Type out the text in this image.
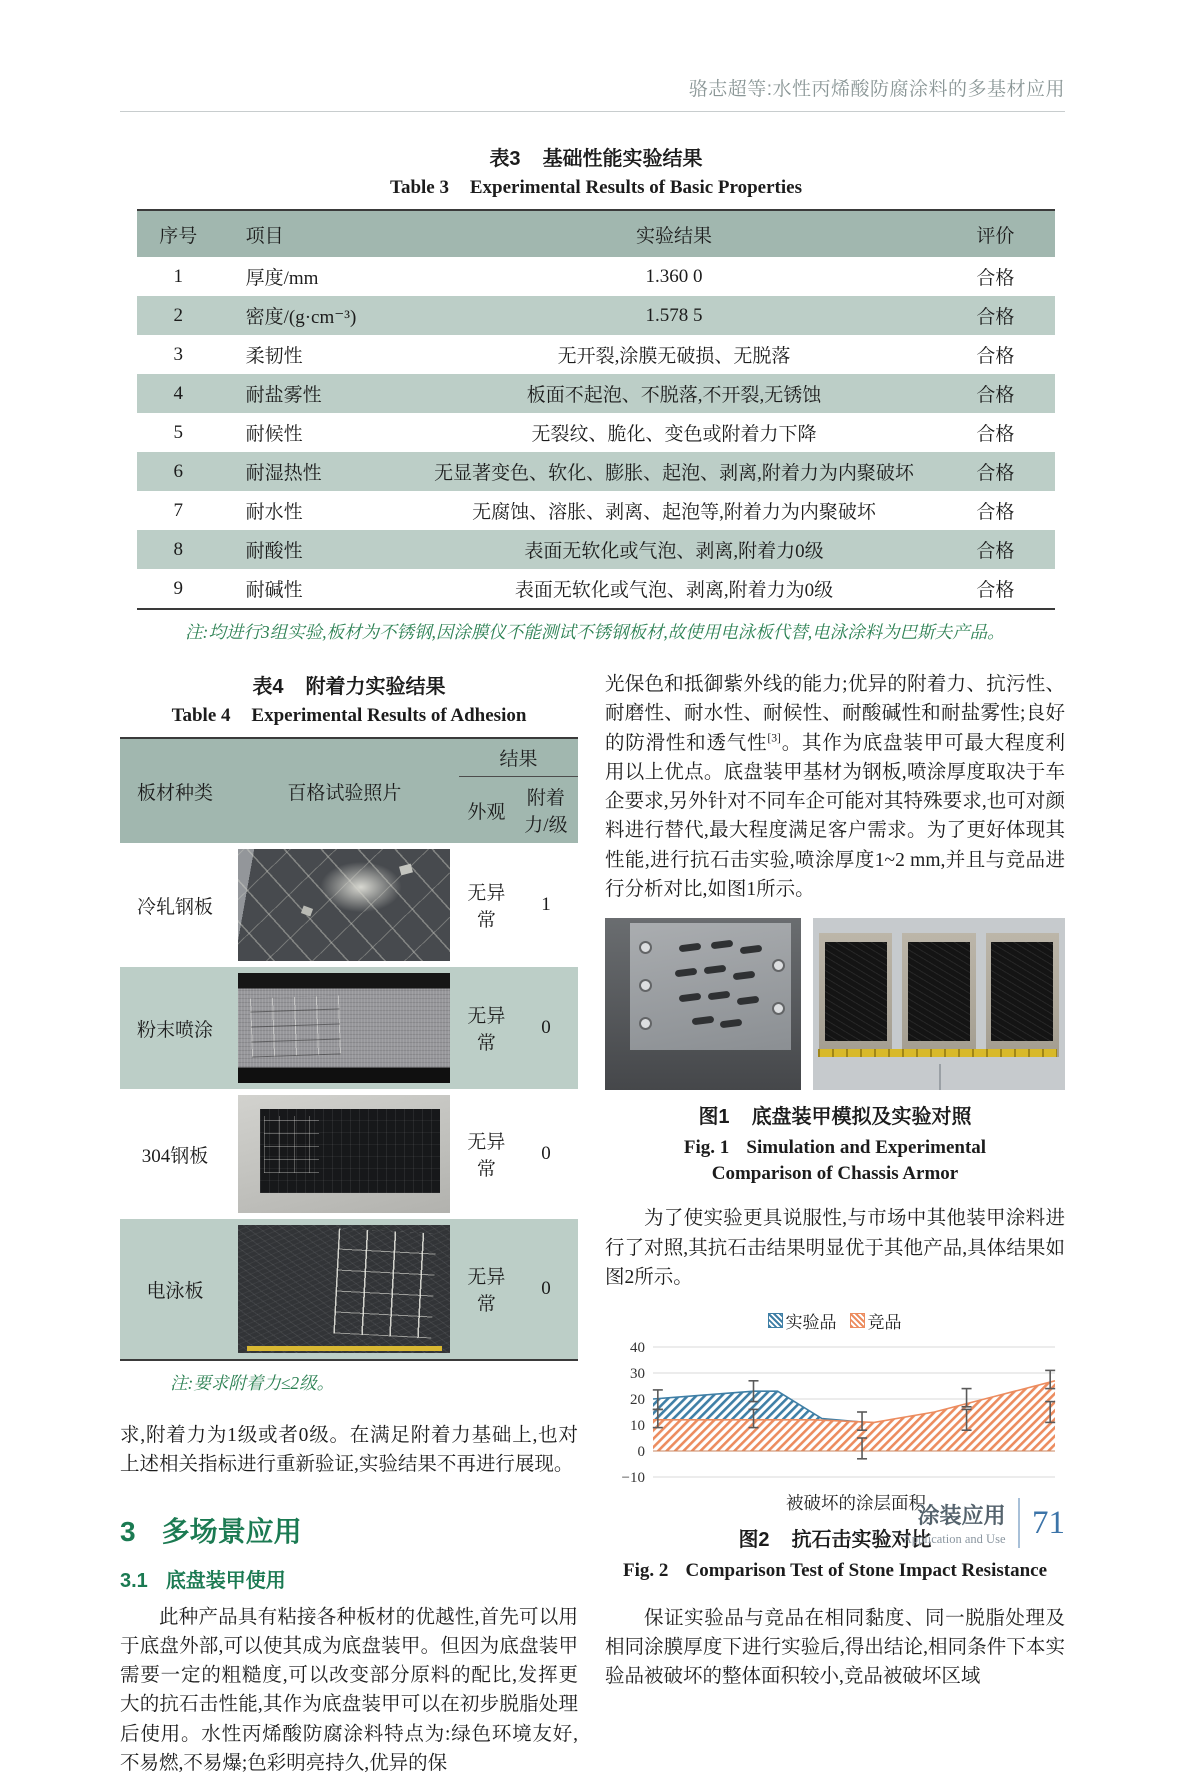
骆志超等:水性丙烯酸防腐涂料的多基材应用
表3 基础性能实验结果
Table 3 Experimental Results of Basic Properties
序号	项目	实验结果	评价
1	厚度/mm	1.360 0	合格
2	密度/(g·cm⁻³)	1.578 5	合格
3	柔韧性	无开裂,涂膜无破损、无脱落	合格
4	耐盐雾性	板面不起泡、不脱落,不开裂,无锈蚀	合格
5	耐候性	无裂纹、脆化、变色或附着力下降	合格
6	耐湿热性	无显著变色、软化、膨胀、起泡、剥离,附着力为内聚破坏	合格
7	耐水性	无腐蚀、溶胀、剥离、起泡等,附着力为内聚破坏	合格
8	耐酸性	表面无软化或气泡、剥离,附着力0级	合格
9	耐碱性	表面无软化或气泡、剥离,附着力为0级	合格
注:均进行3组实验,板材为不锈钢,因涂膜仪不能测试不锈钢板材,故使用电泳板代替,电泳涂料为巴斯夫产品。
表4 附着力实验结果
Table 4 Experimental Results of Adhesion
板材种类	百格试验照片	结果	
		外观	附着力/级
冷轧钢板		无异常	1
粉末喷涂		无异常	0
304钢板		无异常	0
电泳板		无异常	0
注:要求附着力≤2级。

求,附着力为1级或者0级。在满足附着力基础上,也对上述相关指标进行重新验证,实验结果不再进行展现。

3 多场景应用
3.1 底盘装甲使用

此种产品具有粘接各种板材的优越性,首先可以用于底盘外部,可以使其成为底盘装甲。但因为底盘装甲需要一定的粗糙度,可以改变部分原料的配比,发挥更大的抗石击性能,其作为底盘装甲可以在初步脱脂处理后使用。水性丙烯酸防腐涂料特点为:绿色环境友好,不易燃,不易爆;色彩明亮持久,优异的保

光保色和抵御紫外线的能力;优异的附着力、抗污性、耐磨性、耐水性、耐候性、耐酸碱性和耐盐雾性;良好的防滑性和透气性[3]。其作为底盘装甲可最大程度利用以上优点。底盘装甲基材为钢板,喷涂厚度取决于车企要求,另外针对不同车企可能对其特殊要求,也可对颜料进行替代,最大程度满足客户需求。为了更好体现其性能,进行抗石击实验,喷涂厚度1~2 mm,并且与竞品进行分析对比,如图1所示。

图1 底盘装甲模拟及实验对照
Fig. 1 Simulation and Experimental Comparison of Chassis Armor

为了使实验更具说服性,与市场中其他装甲涂料进行了对照,其抗石击结果明显优于其他产品,具体结果如图2所示。

实验品 竞品
40
30
20
10
0
−10
被破坏的涂层面积
图2 抗石击实验对比
Fig. 2 Comparison Test of Stone Impact Resistance

保证实验品与竞品在相同黏度、同一脱脂处理及相同涂膜厚度下进行实验后,得出结论,相同条件下本实验品被破坏的整体面积较小,竞品被破坏区域

涂装应用
Application and Use 71
